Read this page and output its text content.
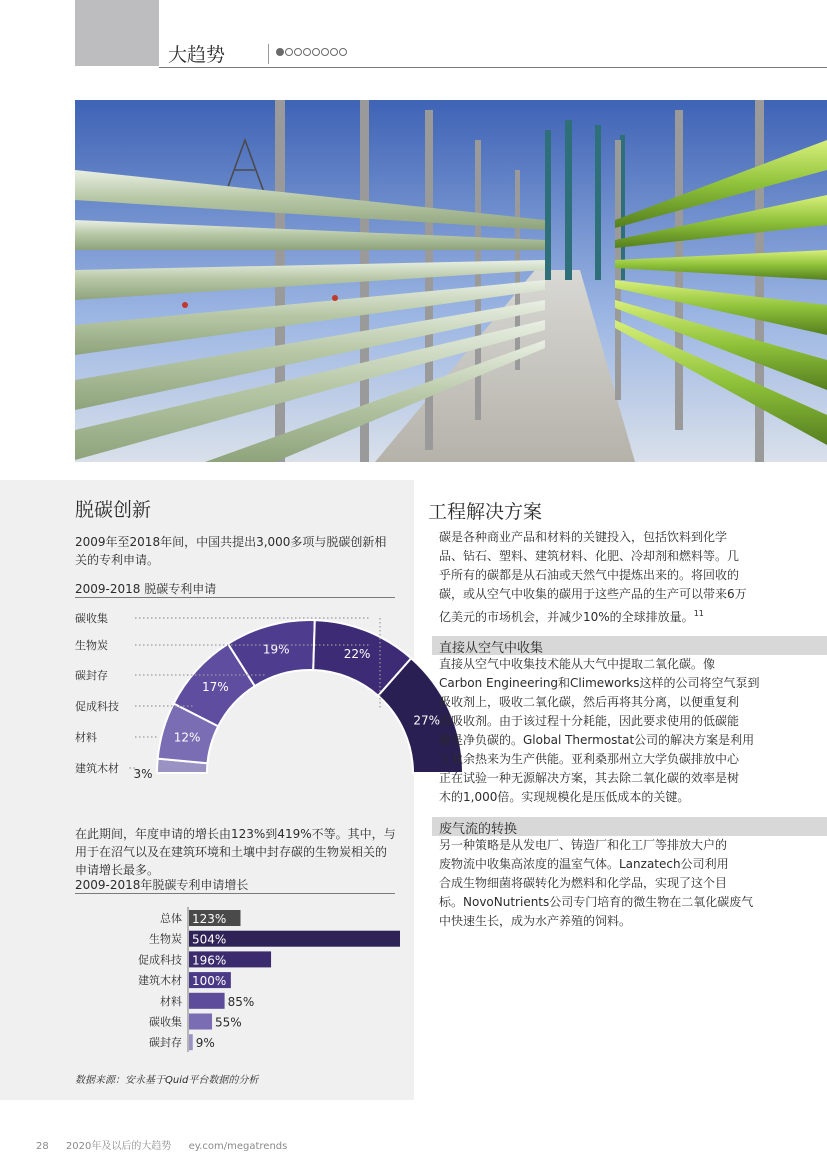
大趋势
脱碳创新
2009年至2018年间，中国共提出3,000多项与脱碳创新相
关的专利申请。
2009-2018 脱碳专利申请
3%
12%
17%
19%	22%
27%
建筑木材
材料
促成科技
碳封存
生物炭
碳收集
在此期间，年度申请的增长由123%到419%不等。其中，与
用于在沼气以及在建筑环境和土壤中封存碳的生物炭相关的
申请增长最多。
2009-2018年脱碳专利申请增长
总体 123%
生物炭 504%
促成科技 196%
建筑木材 100%
材料	85%
碳收集	55%
碳封存 9%
数据来源：安永基于Quid平台数据的分析
工程解决方案
碳是各种商业产品和材料的关键投入，包括饮料到化学
品、钻石、塑料、建筑材料、化肥、冷却剂和燃料等。几
乎所有的碳都是从石油或天然气中提炼出来的。将回收的
碳，或从空气中收集的碳用于这些产品的生产可以带来6万
亿美元的市场机会，并减少10%的全球排放量。$^{11}$
直接从空气中收集
直接从空气中收集技术能从大气中提取二氧化碳。像
Carbon Engineering和Climeworks这样的公司将空气泵到
吸收剂上，吸收二氧化碳，然后再将其分离，以便重复利
用吸收剂。由于该过程十分耗能，因此要求使用的低碳能
源是净负碳的。Global Thermostat公司的解决方案是利用
工业余热来为生产供能。亚利桑那州立大学负碳排放中心
正在试验一种无源解决方案，其去除二氧化碳的效率是树
木的1,000倍。实现规模化是压低成本的关键。
废气流的转换
另一种策略是从发电厂、铸造厂和化工厂等排放大户的
废物流中收集高浓度的温室气体。Lanzatech公司利用
合成生物细菌将碳转化为燃料和化学品，实现了这个目
标。NovoNutrients公司专门培育的微生物在二氧化碳废气
中快速生长，成为水产养殖的饲料。
28 2020年及以后的大趋势 ey.com/megatrends
